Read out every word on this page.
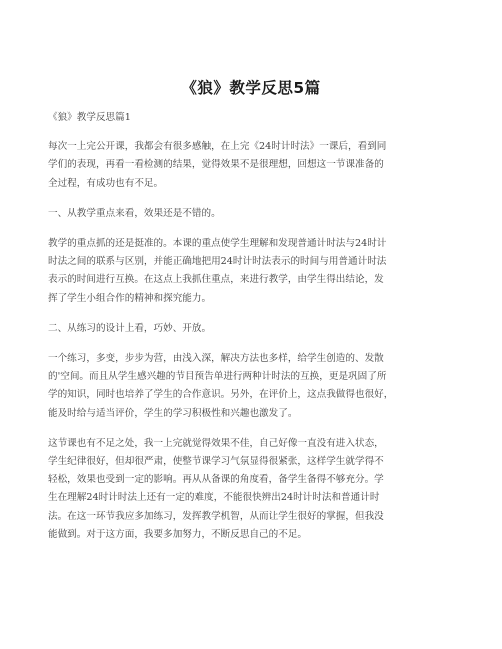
《狼》教学反思5篇

《狼》教学反思篇1

每次一上完公开课，我都会有很多感触，在上完《24时计时法》一课后，看到同
学们的表现，再看一看检测的结果，觉得效果不是很理想，回想这一节课准备的
全过程，有成功也有不足。

一、从教学重点来看，效果还是不错的。

教学的重点抓的还是挺准的。本课的重点使学生理解和发现普通计时法与24时计
时法之间的联系与区别，并能正确地把用24时计时法表示的时间与用普通计时法
表示的时间进行互换。在这点上我抓住重点，来进行教学，由学生得出结论，发
挥了学生小组合作的精神和探究能力。

二、从练习的设计上看，巧妙、开放。

一个练习，多变，步步为营，由浅入深，解决方法也多样，给学生创造的、发散
的'空间。而且从学生感兴趣的节目预告单进行两种计时法的互换，更是巩固了所
学的知识，同时也培养了学生的合作意识。另外，在评价上，这点我做得也很好，
能及时给与适当评价，学生的学习积极性和兴趣也激发了。

这节课也有不足之处，我一上完就觉得效果不佳，自己好像一直没有进入状态，
学生纪律很好，但却很严肃，使整节课学习气氛显得很紧张，这样学生就学得不
轻松，效果也受到一定的影响。再从从备课的角度看，备学生备得不够充分。学
生在理解24时计时法上还有一定的难度，不能很快辨出24时计时法和普通计时
法。在这一环节我应多加练习，发挥教学机智，从而让学生很好的掌握，但我没
能做到。对于这方面，我要多加努力，不断反思自己的不足。
